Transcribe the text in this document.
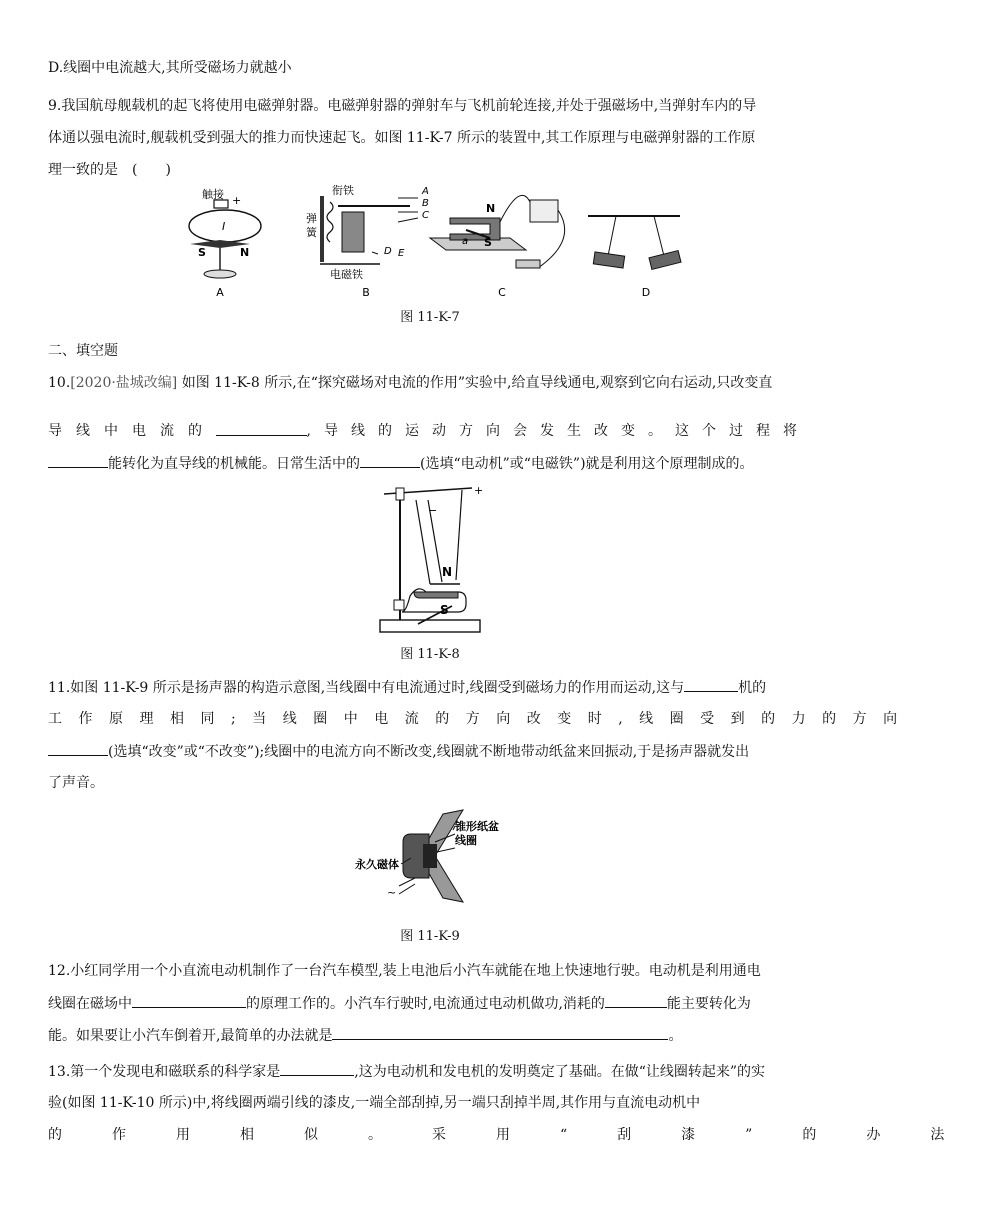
D.线圈中电流越大,其所受磁场力就越小
9.我国航母舰载机的起飞将使用电磁弹射器。电磁弹射器的弹射车与飞机前轮连接,并处于强磁场中,当弹射车内的导
体通以强电流时,舰载机受到强大的推力而快速起飞。如图 11-K-7 所示的装置中,其工作原理与电磁弹射器的工作原
理一致的是　(　　)
触接 +
I
S	N
A
衔铁
弹
簧
电磁铁
A
B
C
D E
B
N
S
a
C	D
图 11-K-7
二、填空题
10.[2020·盐城改编] 如图 11-K-8 所示,在“探究磁场对电流的作用”实验中,给直导线通电,观察到它向右运动,只改变直
导线中电流的	,导线的运动方向会发生改变。这个过程将
能转化为直导线的机械能。日常生活中的	(选填“电动机”或“电磁铁”)就是利用这个原理制成的。
+
−
N
S
图 11-K-8
11.如图 11-K-9 所示是扬声器的构造示意图,当线圈中有电流通过时,线圈受到磁场力的作用而运动,这与	机的
工作原理相同;当线圈中电流的方向改变时,线圈受到的力的方向
(选填“改变”或“不改变”);线圈中的电流方向不断改变,线圈就不断地带动纸盆来回振动,于是扬声器就发出
了声音。
锥形纸盆
线圈
永久磁体
~
图 11-K-9
12.小红同学用一个小直流电动机制作了一台汽车模型,装上电池后小汽车就能在地上快速地行驶。电动机是利用通电
线圈在磁场中	的原理工作的。小汽车行驶时,电流通过电动机做功,消耗的	能主要转化为
能。如果要让小汽车倒着开,最简单的办法就是	。
13.第一个发现电和磁联系的科学家是	,这为电动机和发电机的发明奠定了基础。在做“让线圈转起来”的实
验(如图 11-K-10 所示)中,将线圈两端引线的漆皮,一端全部刮掉,另一端只刮掉半周,其作用与直流电动机中
的作用相似。采用“刮漆”的办法
